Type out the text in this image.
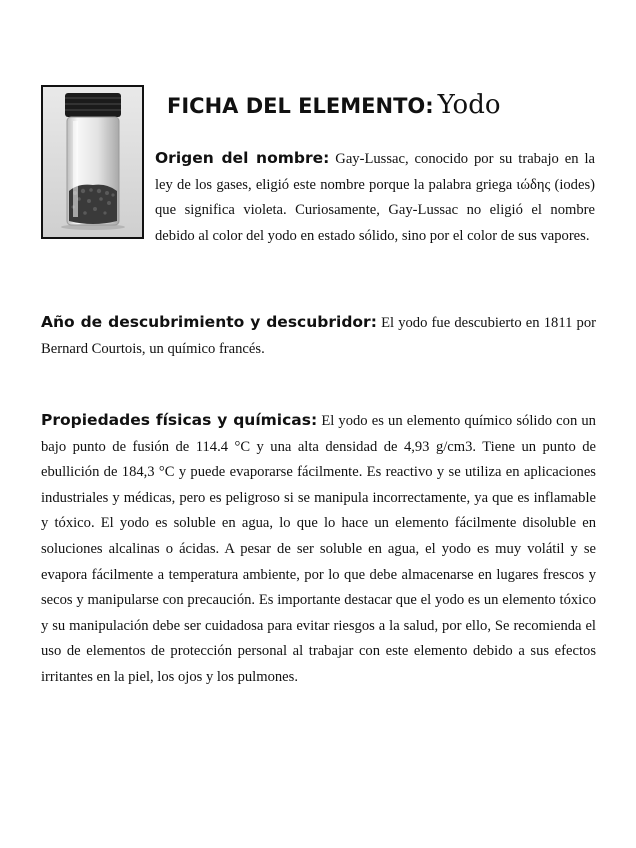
FICHA DEL ELEMENTO: Yodo

Origen del nombre: Gay-Lussac, conocido por su trabajo en la ley de los gases, eligió este nombre porque la palabra griega ιώδης (iodes) que significa violeta. Curiosamente, Gay-Lussac no eligió el nombre debido al color del yodo en estado sólido, sino por el color de sus vapores.

Año de descubrimiento y descubridor: El yodo fue descubierto en 1811 por Bernard Courtois, un químico francés.

Propiedades físicas y químicas: El yodo es un elemento químico sólido con un bajo punto de fusión de 114.4 °C y una alta densidad de 4,93 g/cm3. Tiene un punto de ebullición de 184,3 °C y puede evaporarse fácilmente. Es reactivo y se utiliza en aplicaciones industriales y médicas, pero es peligroso si se manipula incorrectamente, ya que es inflamable y tóxico. El yodo es soluble en agua, lo que lo hace un elemento fácilmente disoluble en soluciones alcalinas o ácidas. A pesar de ser soluble en agua, el yodo es muy volátil y se evapora fácilmente a temperatura ambiente, por lo que debe almacenarse en lugares frescos y secos y manipularse con precaución. Es importante destacar que el yodo es un elemento tóxico y su manipulación debe ser cuidadosa para evitar riesgos a la salud, por ello, Se recomienda el uso de elementos de protección personal al trabajar con este elemento debido a sus efectos irritantes en la piel, los ojos y los pulmones.
